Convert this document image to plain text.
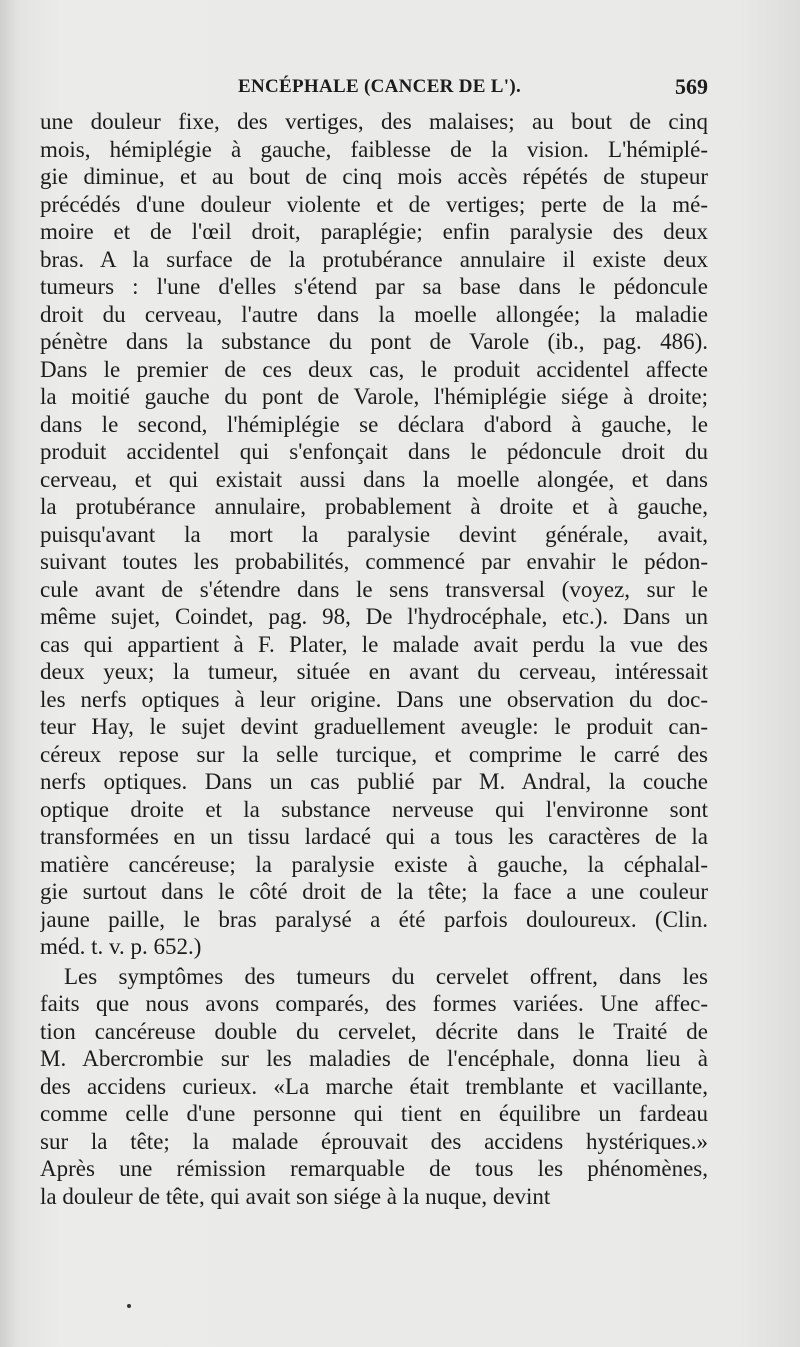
ENCÉPHALE (CANCER DE L').	569
une douleur fixe, des vertiges, des malaises; au bout de cinq
mois, hémiplégie à gauche, faiblesse de la vision. L'hémiplé-
gie diminue, et au bout de cinq mois accès répétés de stupeur
précédés d'une douleur violente et de vertiges; perte de la mé-
moire et de l'œil droit, paraplégie; enfin paralysie des deux
bras. A la surface de la protubérance annulaire il existe deux
tumeurs : l'une d'elles s'étend par sa base dans le pédoncule
droit du cerveau, l'autre dans la moelle allongée; la maladie
pénètre dans la substance du pont de Varole (ib., pag. 486).
Dans le premier de ces deux cas, le produit accidentel affecte
la moitié gauche du pont de Varole, l'hémiplégie siége à droite;
dans le second, l'hémiplégie se déclara d'abord à gauche, le
produit accidentel qui s'enfonçait dans le pédoncule droit du
cerveau, et qui existait aussi dans la moelle alongée, et dans
la protubérance annulaire, probablement à droite et à gauche,
puisqu'avant la mort la paralysie devint générale, avait,
suivant toutes les probabilités, commencé par envahir le pédon-
cule avant de s'étendre dans le sens transversal (voyez, sur le
même sujet, Coindet, pag. 98, De l'hydrocéphale, etc.). Dans un
cas qui appartient à F. Plater, le malade avait perdu la vue des
deux yeux; la tumeur, située en avant du cerveau, intéressait
les nerfs optiques à leur origine. Dans une observation du doc-
teur Hay, le sujet devint graduellement aveugle: le produit can-
céreux repose sur la selle turcique, et comprime le carré des
nerfs optiques. Dans un cas publié par M. Andral, la couche
optique droite et la substance nerveuse qui l'environne sont
transformées en un tissu lardacé qui a tous les caractères de la
matière cancéreuse; la paralysie existe à gauche, la céphalal-
gie surtout dans le côté droit de la tête; la face a une couleur
jaune paille, le bras paralysé a été parfois douloureux. (Clin.
méd. t. v. p. 652.)
Les symptômes des tumeurs du cervelet offrent, dans les
faits que nous avons comparés, des formes variées. Une affec-
tion cancéreuse double du cervelet, décrite dans le Traité de
M. Abercrombie sur les maladies de l'encéphale, donna lieu à
des accidens curieux. «La marche était tremblante et vacillante,
comme celle d'une personne qui tient en équilibre un fardeau
sur la tête; la malade éprouvait des accidens hystériques.»
Après une rémission remarquable de tous les phénomènes,
la douleur de tête, qui avait son siége à la nuque, devint
